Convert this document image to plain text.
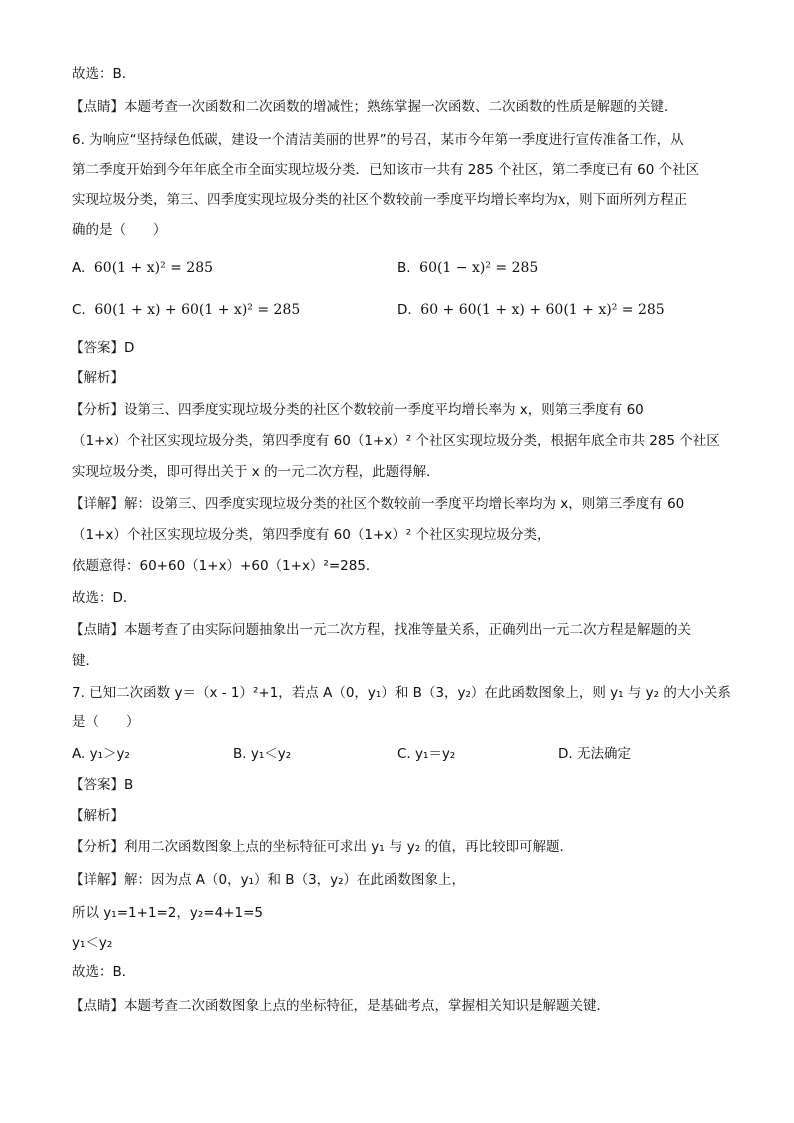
故选：B．
【点睛】本题考查一次函数和二次函数的增减性；熟练掌握一次函数、二次函数的性质是解题的关键．
6. 为响应“坚持绿色低碳，建设一个清洁美丽的世界”的号召，某市今年第一季度进行宣传准备工作，从
第二季度开始到今年年底全市全面实现垃圾分类．已知该市一共有 285 个社区，第二季度已有 60 个社区
实现垃圾分类，第三、四季度实现垃圾分类的社区个数较前一季度平均增长率均为x，则下面所列方程正
确的是（　　）
A. 60(1 + x)² = 285	B. 60(1 − x)² = 285
C. 60(1 + x) + 60(1 + x)² = 285	D. 60 + 60(1 + x) + 60(1 + x)² = 285
【答案】D
【解析】
【分析】设第三、四季度实现垃圾分类的社区个数较前一季度平均增长率为 x，则第三季度有 60
（1+x）个社区实现垃圾分类，第四季度有 60（1+x）² 个社区实现垃圾分类，根据年底全市共 285 个社区
实现垃圾分类，即可得出关于 x 的一元二次方程，此题得解．
【详解】解：设第三、四季度实现垃圾分类的社区个数较前一季度平均增长率均为 x，则第三季度有 60
（1+x）个社区实现垃圾分类，第四季度有 60（1+x）² 个社区实现垃圾分类，
依题意得：60+60（1+x）+60（1+x）²=285．
故选：D．
【点睛】本题考查了由实际问题抽象出一元二次方程，找准等量关系，正确列出一元二次方程是解题的关
键．
7. 已知二次函数 y＝（x - 1）²+1，若点 A（0，y₁）和 B（3，y₂）在此函数图象上，则 y₁ 与 y₂ 的大小关系
是（　　）
A. y₁＞y₂	B. y₁＜y₂	C. y₁＝y₂	D. 无法确定
【答案】B
【解析】
【分析】利用二次函数图象上点的坐标特征可求出 y₁ 与 y₂ 的值，再比较即可解题．
【详解】解：因为点 A（0，y₁）和 B（3，y₂）在此函数图象上，
所以 y₁=1+1=2，y₂=4+1=5
y₁＜y₂
故选：B．
【点睛】本题考查二次函数图象上点的坐标特征，是基础考点，掌握相关知识是解题关键．
